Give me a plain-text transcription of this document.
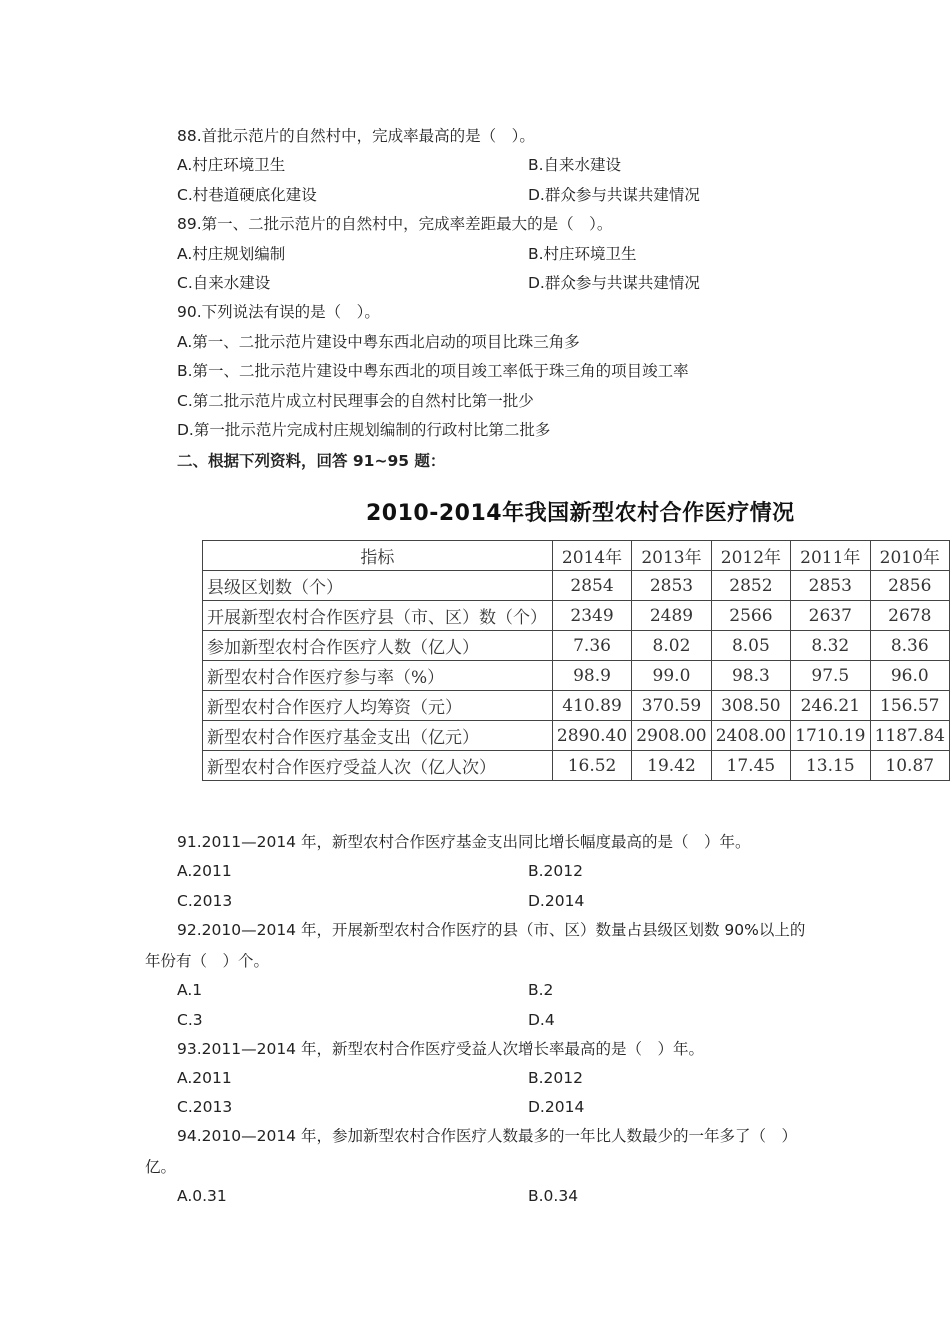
88.首批示范片的自然村中，完成率最高的是（　）。
A.村庄环境卫生	B.自来水建设
C.村巷道硬底化建设	D.群众参与共谋共建情况
89.第一、二批示范片的自然村中，完成率差距最大的是（　）。
A.村庄规划编制	B.村庄环境卫生
C.自来水建设	D.群众参与共谋共建情况
90.下列说法有误的是（　）。
A.第一、二批示范片建设中粤东西北启动的项目比珠三角多
B.第一、二批示范片建设中粤东西北的项目竣工率低于珠三角的项目竣工率
C.第二批示范片成立村民理事会的自然村比第一批少
D.第一批示范片完成村庄规划编制的行政村比第二批多
二、根据下列资料，回答 91~95 题：
2010-2014年我国新型农村合作医疗情况
指标	2014年	2013年	2012年	2011年	2010年
县级区划数（个）	2854	2853	2852	2853	2856
开展新型农村合作医疗县（市、区）数（个）	2349	2489	2566	2637	2678
参加新型农村合作医疗人数（亿人）	7.36	8.02	8.05	8.32	8.36
新型农村合作医疗参与率（%）	98.9	99.0	98.3	97.5	96.0
新型农村合作医疗人均筹资（元）	410.89	370.59	308.50	246.21	156.57
新型农村合作医疗基金支出（亿元）	2890.40	2908.00	2408.00	1710.19	1187.84
新型农村合作医疗受益人次（亿人次）	16.52	19.42	17.45	13.15	10.87
91.2011—2014 年，新型农村合作医疗基金支出同比增长幅度最高的是（　）年。
A.2011	B.2012
C.2013	D.2014
92.2010—2014 年，开展新型农村合作医疗的县（市、区）数量占县级区划数 90%以上的
年份有（　）个。
A.1	B.2
C.3	D.4
93.2011—2014 年，新型农村合作医疗受益人次增长率最高的是（　）年。
A.2011	B.2012
C.2013	D.2014
94.2010—2014 年，参加新型农村合作医疗人数最多的一年比人数最少的一年多了（　）
亿。
A.0.31	B.0.34
